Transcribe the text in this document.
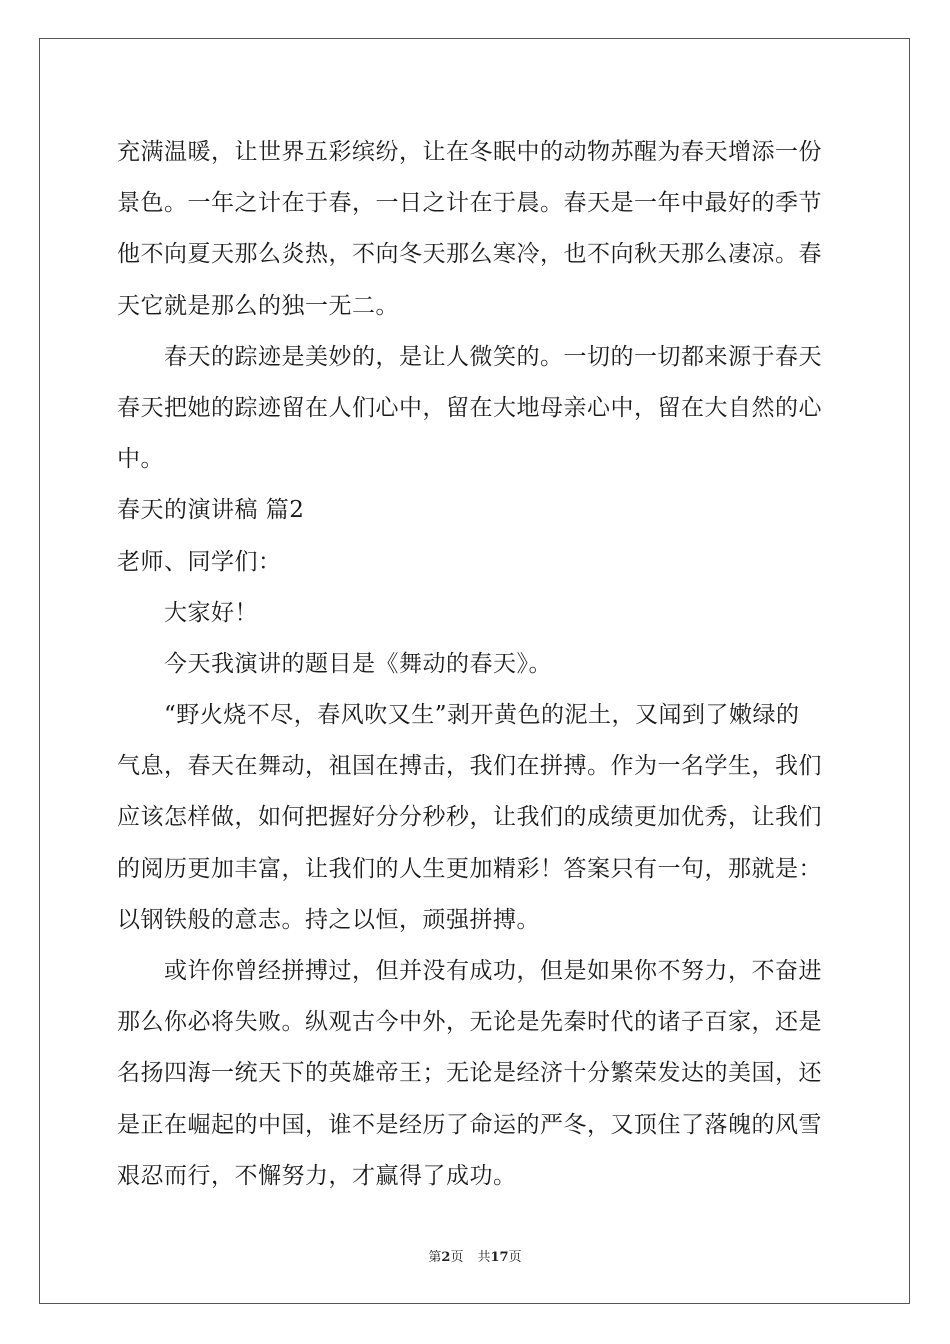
充满温暖，让世界五彩缤纷，让在冬眠中的动物苏醒为春天增添一份
景色。一年之计在于春，一日之计在于晨。春天是一年中最好的季节
他不向夏天那么炎热，不向冬天那么寒冷，也不向秋天那么凄凉。春
天它就是那么的独一无二。
春天的踪迹是美妙的，是让人微笑的。一切的一切都来源于春天
春天把她的踪迹留在人们心中，留在大地母亲心中，留在大自然的心
中。
春天的演讲稿 篇2
老师、同学们：
大家好！
今天我演讲的题目是《舞动的春天》。
“野火烧不尽，春风吹又生”剥开黄色的泥土，又闻到了嫩绿的
气息，春天在舞动，祖国在搏击，我们在拼搏。作为一名学生，我们
应该怎样做，如何把握好分分秒秒，让我们的成绩更加优秀，让我们
的阅历更加丰富，让我们的人生更加精彩！答案只有一句，那就是：
以钢铁般的意志。持之以恒，顽强拼搏。
或许你曾经拼搏过，但并没有成功，但是如果你不努力，不奋进
那么你必将失败。纵观古今中外，无论是先秦时代的诸子百家，还是
名扬四海一统天下的英雄帝王；无论是经济十分繁荣发达的美国，还
是正在崛起的中国，谁不是经历了命运的严冬，又顶住了落魄的风雪
艰忍而行，不懈努力，才赢得了成功。
第2页 共17页
